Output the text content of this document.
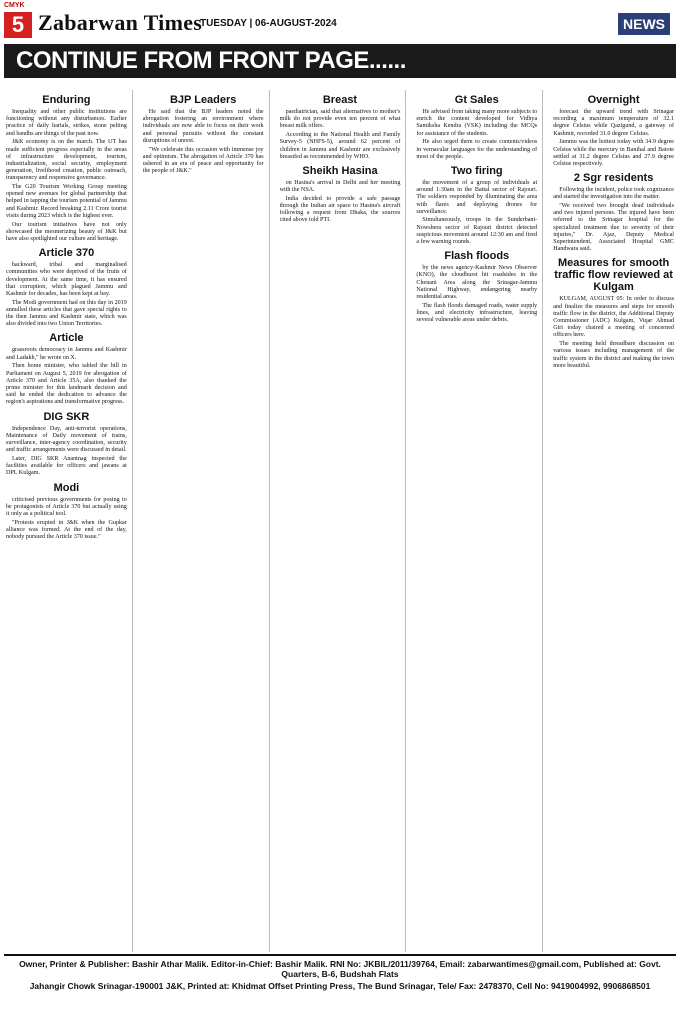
CMYK
5 Zabarwan Times
TUESDAY | 06-AUGUST-2024	NEWS
CONTINUE FROM FRONT PAGE......
Enduring

Inequality and other public institutions are functioning without any disturbances. Earlier practice of daily hartals, strikes, stone pelting and bandhs are things of the past now.

J&K economy is on the march. The UT has made sufficient progress especially in the areas of infrastructure development, tourism, industrialization, social security, employment generation, livelihood creation, public outreach, transparency and responsive governance.

The G20 Tourism Working Group meeting opened new avenues for global partnership that helped in tapping the tourism potential of Jammu and Kashmir. Record breaking 2.11 Crore tourist visits during 2023 which is the highest ever.

Our tourism initiatives have not only showcased the mesmerizing beauty of J&K but have also spotlighted our culture and heritage.

Article 370

backward, tribal and marginalised communities who were deprived of the fruits of development. At the same time, it has ensured that corruption, which plagued Jammu and Kashmir for decades, has been kept at bay.

The Modi government had on this day in 2019 annulled these articles that gave special rights to the then Jammu and Kashmir state, which was also divided into two Union Territories.

Article

grassroots democracy in Jammu and Kashmir and Ladakh," he wrote on X.

Then home minister, who tabled the bill in Parliament on August 5, 2019 for abrogation of Article 370 and Article 35A, also thanked the prime minister for this landmark decision and said he ended the dedication to advance the region's aspirations and transformative progress.

DIG SKR

Independence Day, anti-terrorist operations, Maintenance of Daily movement of trains, surveillance, inter-agency coordination, security and traffic arrangements were discussed in detail.

Later, DIG SKR Anantnag inspected the facilities available for officers and jawans at DPL Kulgam.

Modi

criticised previous governments for posing to be protagonists of Article 370 but actually using it only as a political tool.

"Protests erupted in J&K when the Gupkar alliance was formed. At the end of the day, nobody pursued the Article 370 issue."

BJP Leaders

He said that the BJP leaders noted the abrogation fostering an environment where individuals are now able to focus on their work and personal pursuits without the constant disruptions of unrest.

"We celebrate this occasion with immense joy and optimism. The abrogation of Article 370 has ushered in an era of peace and opportunity for the people of J&K."

Breast

paediatrician, said that alternatives to mother's milk do not provide even ten percent of what breast milk offers.

According to the National Health and Family Survey-5 (NHFS-5), around 62 percent of children in Jammu and Kashmir are exclusively breastfed as recommended by WHO.

Sheikh Hasina

on Hasina's arrival in Delhi and her meeting with the NSA.

India decided to provide a safe passage through the Indian air space to Hasina's aircraft following a request from Dhaka, the sources cited above told PTI.

Gt Sales

He advised from taking many more subjects to enrich the content developed for Vidhya Samiksha Kendra (VSK) including the MCQs for assistance of the students.

He also urged them to create contents/videos in vernacular languages for the understanding of most of the people.

Two firing

the movement of a group of individuals at around 1:30am in the Battal sector of Rajouri. The soldiers responded by illuminating the area with flares and deploying drones for surveillance.

Simultaneously, troops in the Sunderbani-Nowshera sector of Rajouri district detected suspicious movement around 12:30 am and fired a few warning rounds.

Flash floods

by the news agency-Kashmir News Observer (KNO), the cloudburst hit roadsides in the Chenani Area along the Srinagar-Jammu National Highway, endangering nearby residential areas.

The flash floods damaged roads, water supply lines, and electricity infrastructure, leaving several vulnerable areas under debris.

Overnight

forecast the upward trend with Srinagar recording a maximum temperature of 32.1 degree Celsius while Qazigund, a gateway of Kashmir, recorded 31.0 degree Celsius.

Jammu was the hottest today with 34.9 degree Celsius while the mercury in Banihal and Batote settled at 31.2 degree Celsius and 27.9 degree Celsius respectively.

2 Sgr residents

Following the incident, police took cognizance and started the investigation into the matter.

"We received two brought dead individuals and two injured persons. The injured have been referred to the Srinagar hospital for the specialized treatment due to severity of their injuries," Dr. Ajaz, Deputy Medical Superintendent, Associated Hospital GMC Handwara said.

Measures for smooth traffic flow reviewed at Kulgam

KULGAM, AUGUST 05: In order to discuss and finalize the measures and steps for smooth traffic flow in the district, the Additional Deputy Commissioner (ADC) Kulgam, Viqar Ahmad Giri today chaired a meeting of concerned officers here.

The meeting held threadbare discussion on various issues including management of the traffic system in the district and making the town more beautiful.

Owner, Printer & Publisher: Bashir Athar Malik. Editor-in-Chief: Bashir Malik. RNI No: JKBIL/2011/39764, Email: zabarwantimes@gmail.com, Published at: Govt. Quarters, B-6, Budshah Flats
Jahangir Chowk Srinagar-190001 J&K, Printed at: Khidmat Offset Printing Press, The Bund Srinagar, Tele/ Fax: 2478370, Cell No: 9419004992, 9906868501
